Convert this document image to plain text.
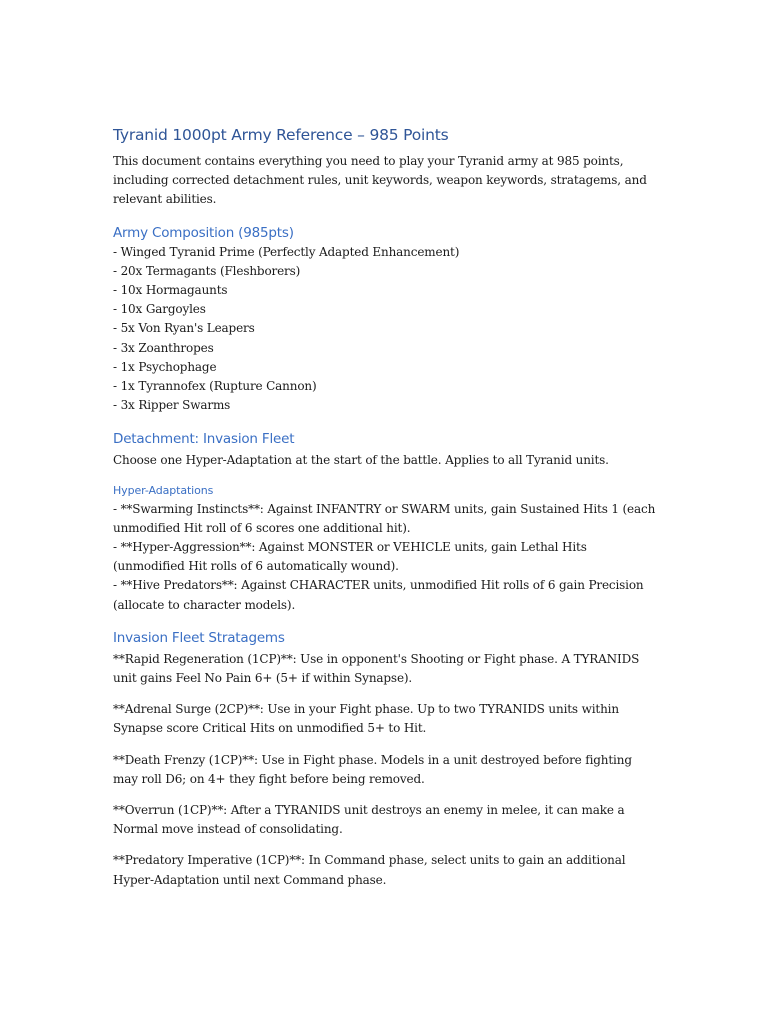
Tyranid 1000pt Army Reference – 985 Points

This document contains everything you need to play your Tyranid army at 985 points, including corrected detachment rules, unit keywords, weapon keywords, stratagems, and relevant abilities.

Army Composition (985pts)
- Winged Tyranid Prime (Perfectly Adapted Enhancement)
- 20x Termagants (Fleshborers)
- 10x Hormagaunts
- 10x Gargoyles
- 5x Von Ryan's Leapers
- 3x Zoanthropes
- 1x Psychophage
- 1x Tyrannofex (Rupture Cannon)
- 3x Ripper Swarms
Detachment: Invasion Fleet

Choose one Hyper-Adaptation at the start of the battle. Applies to all Tyranid units.

Hyper-Adaptations
- **Swarming Instincts**: Against INFANTRY or SWARM units, gain Sustained Hits 1 (each unmodified Hit roll of 6 scores one additional hit).
- **Hyper-Aggression**: Against MONSTER or VEHICLE units, gain Lethal Hits (unmodified Hit rolls of 6 automatically wound).
- **Hive Predators**: Against CHARACTER units, unmodified Hit rolls of 6 gain Precision (allocate to character models).
Invasion Fleet Stratagems

**Rapid Regeneration (1CP)**: Use in opponent's Shooting or Fight phase. A TYRANIDS unit gains Feel No Pain 6+ (5+ if within Synapse).

**Adrenal Surge (2CP)**: Use in your Fight phase. Up to two TYRANIDS units within Synapse score Critical Hits on unmodified 5+ to Hit.

**Death Frenzy (1CP)**: Use in Fight phase. Models in a unit destroyed before fighting may roll D6; on 4+ they fight before being removed.

**Overrun (1CP)**: After a TYRANIDS unit destroys an enemy in melee, it can make a Normal move instead of consolidating.

**Predatory Imperative (1CP)**: In Command phase, select units to gain an additional Hyper-Adaptation until next Command phase.
